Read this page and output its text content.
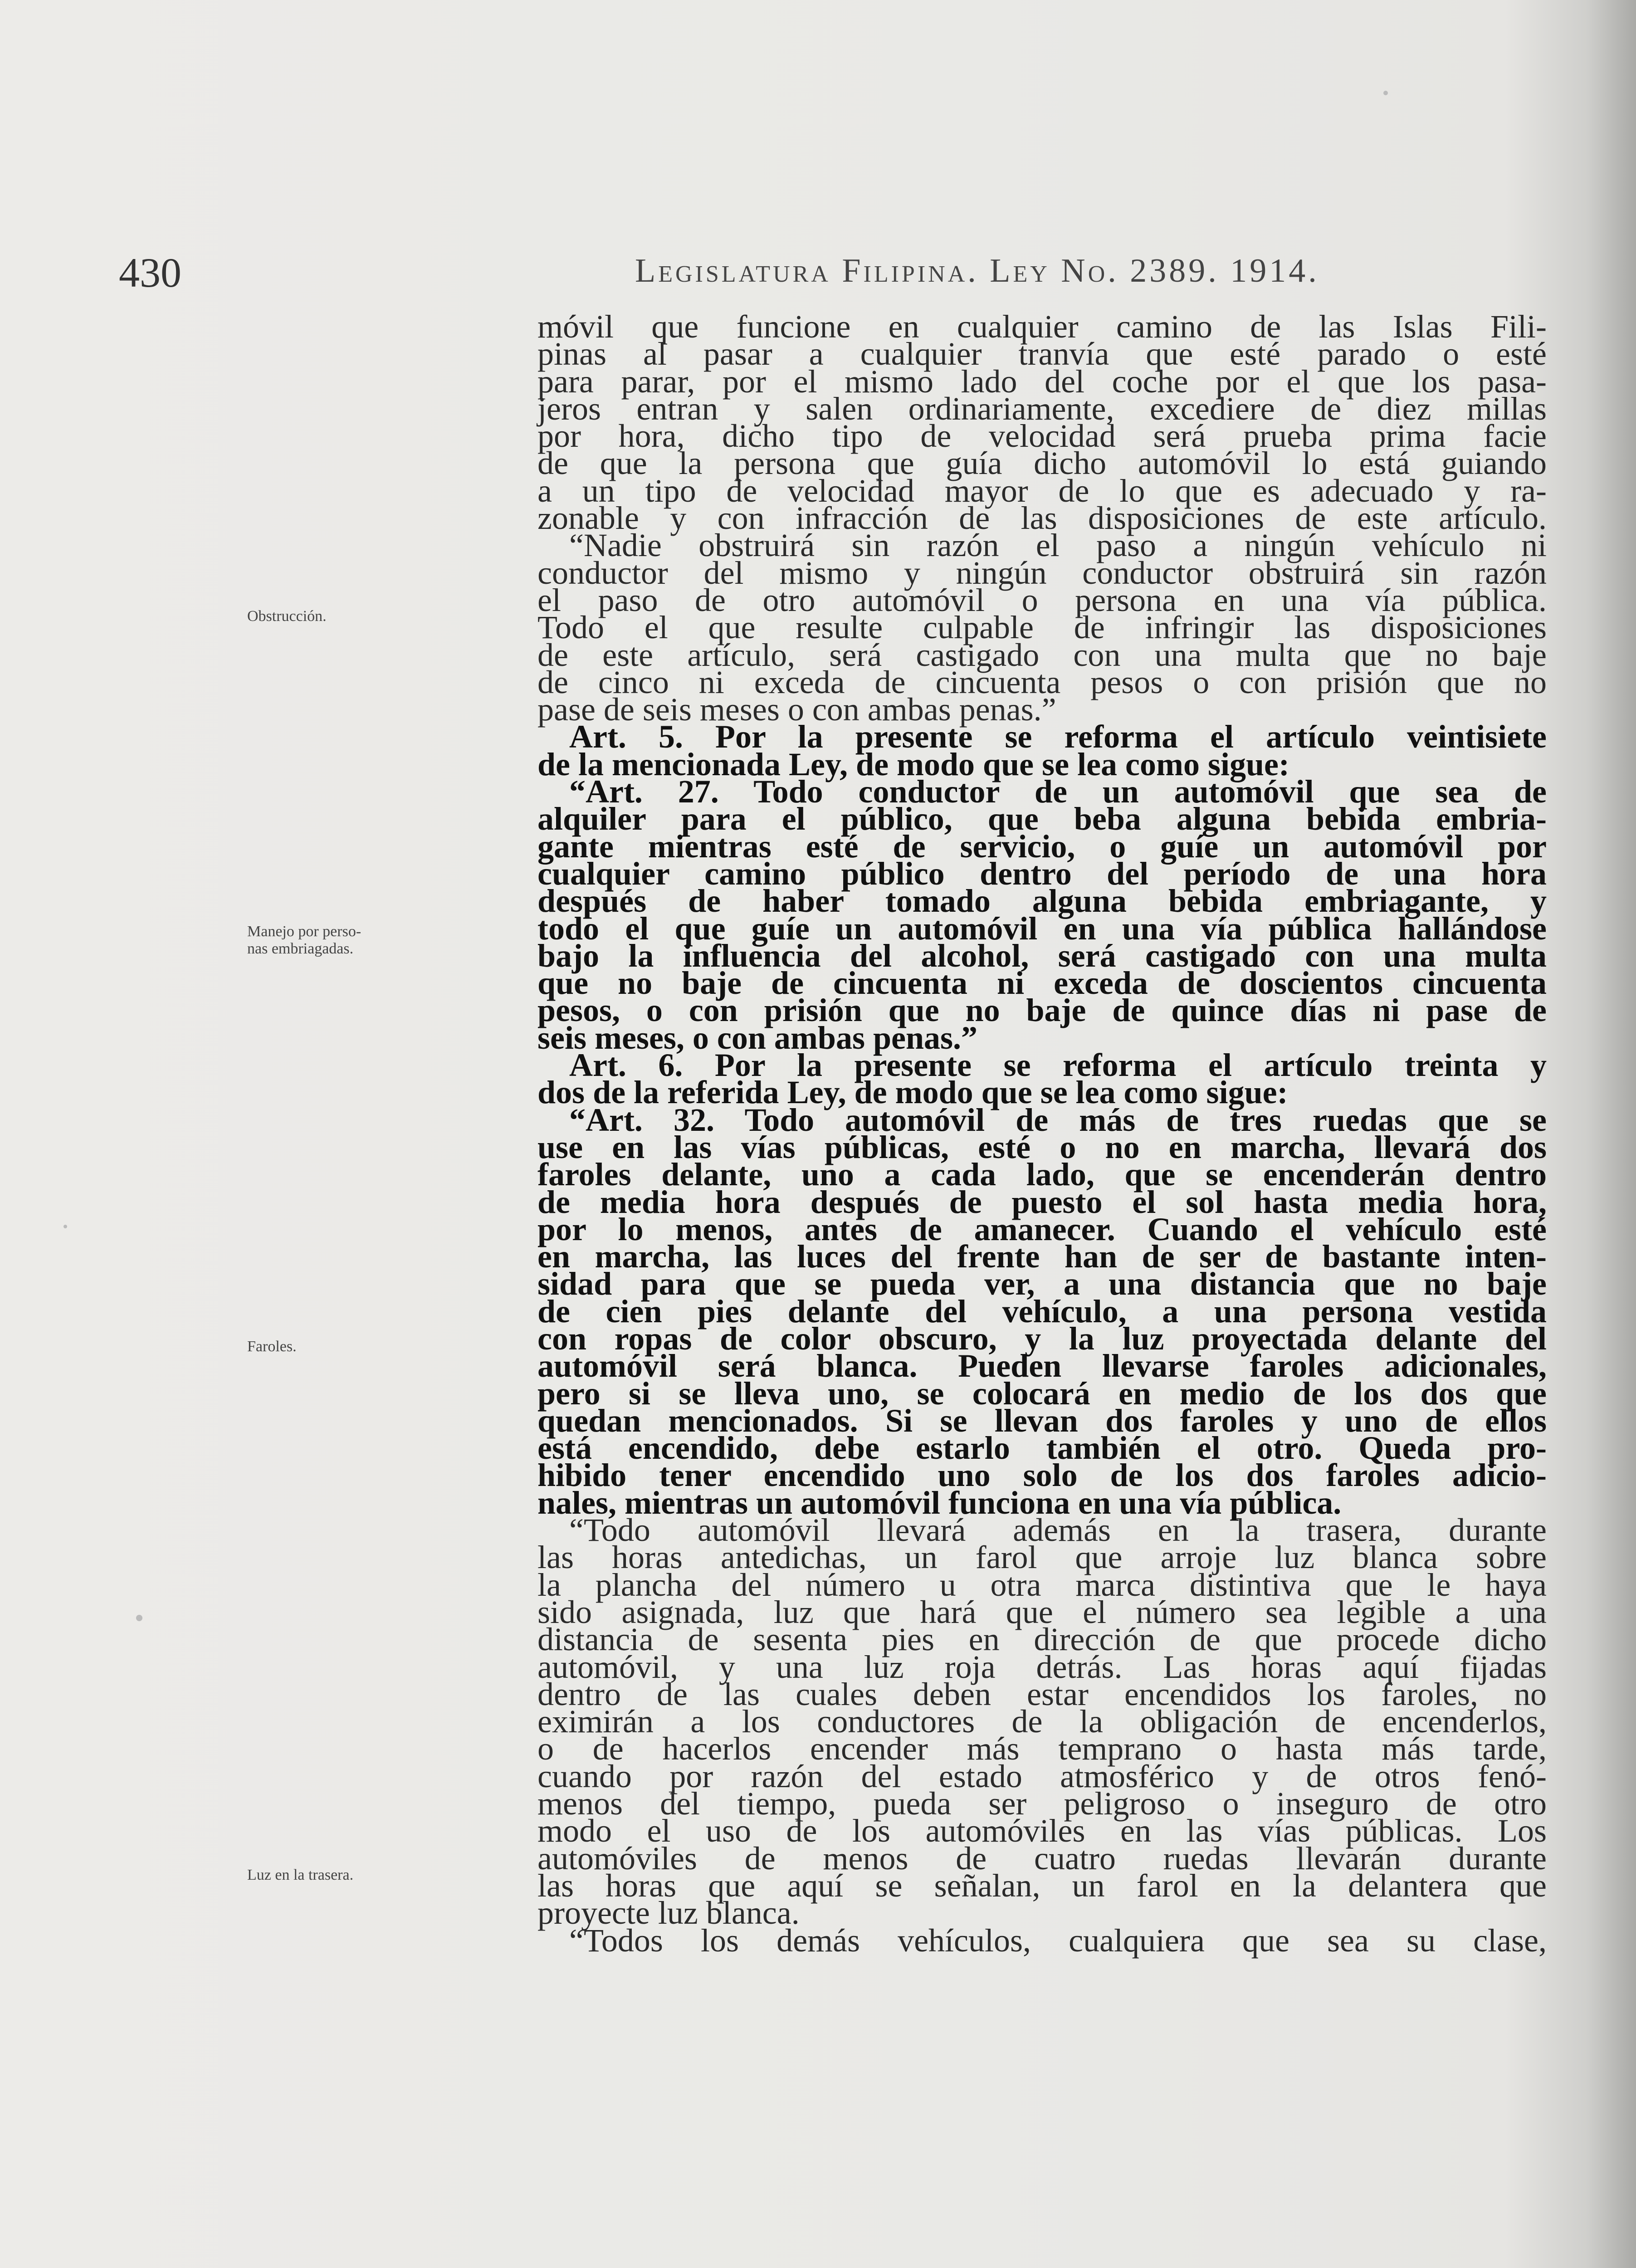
430	Legislatura Filipina. Ley No. 2389. 1914.
Obstrucción.
Manejo por perso-
nas embriagadas.
Faroles.
Luz en la trasera.
móvil que funcione en cualquier camino de las Islas Fili-
pinas al pasar a cualquier tranvía que esté parado o esté
para parar, por el mismo lado del coche por el que los pasa-
jeros entran y salen ordinariamente, excediere de diez millas
por hora, dicho tipo de velocidad será prueba prima facie
de que la persona que guía dicho automóvil lo está guiando
a un tipo de velocidad mayor de lo que es adecuado y ra-
zonable y con infracción de las disposiciones de este artículo.
“Nadie obstruirá sin razón el paso a ningún vehículo ni
conductor del mismo y ningún conductor obstruirá sin razón
el paso de otro automóvil o persona en una vía pública.
Todo el que resulte culpable de infringir las disposiciones
de este artículo, será castigado con una multa que no baje
de cinco ni exceda de cincuenta pesos o con prisión que no
pase de seis meses o con ambas penas.”
Art. 5. Por la presente se reforma el artículo veintisiete
de la mencionada Ley, de modo que se lea como sigue:
“Art. 27. Todo conductor de un automóvil que sea de
alquiler para el público, que beba alguna bebida embria-
gante mientras esté de servicio, o guíe un automóvil por
cualquier camino público dentro del período de una hora
después de haber tomado alguna bebida embriagante, y
todo el que guíe un automóvil en una vía pública hallándose
bajo la influencia del alcohol, será castigado con una multa
que no baje de cincuenta ni exceda de doscientos cincuenta
pesos, o con prisión que no baje de quince días ni pase de
seis meses, o con ambas penas.”
Art. 6. Por la presente se reforma el artículo treinta y
dos de la referida Ley, de modo que se lea como sigue:
“Art. 32. Todo automóvil de más de tres ruedas que se
use en las vías públicas, esté o no en marcha, llevará dos
faroles delante, uno a cada lado, que se encenderán dentro
de media hora después de puesto el sol hasta media hora,
por lo menos, antes de amanecer. Cuando el vehículo esté
en marcha, las luces del frente han de ser de bastante inten-
sidad para que se pueda ver, a una distancia que no baje
de cien pies delante del vehículo, a una persona vestida
con ropas de color obscuro, y la luz proyectada delante del
automóvil será blanca. Pueden llevarse faroles adicionales,
pero si se lleva uno, se colocará en medio de los dos que
quedan mencionados. Si se llevan dos faroles y uno de ellos
está encendido, debe estarlo también el otro. Queda pro-
hibido tener encendido uno solo de los dos faroles adicio-
nales, mientras un automóvil funciona en una vía pública.
“Todo automóvil llevará además en la trasera, durante
las horas antedichas, un farol que arroje luz blanca sobre
la plancha del número u otra marca distintiva que le haya
sido asignada, luz que hará que el número sea legible a una
distancia de sesenta pies en dirección de que procede dicho
automóvil, y una luz roja detrás. Las horas aquí fijadas
dentro de las cuales deben estar encendidos los faroles, no
eximirán a los conductores de la obligación de encenderlos,
o de hacerlos encender más temprano o hasta más tarde,
cuando por razón del estado atmosférico y de otros fenó-
menos del tiempo, pueda ser peligroso o inseguro de otro
modo el uso de los automóviles en las vías públicas. Los
automóviles de menos de cuatro ruedas llevarán durante
las horas que aquí se señalan, un farol en la delantera que
proyecte luz blanca.
“Todos los demás vehículos, cualquiera que sea su clase,
